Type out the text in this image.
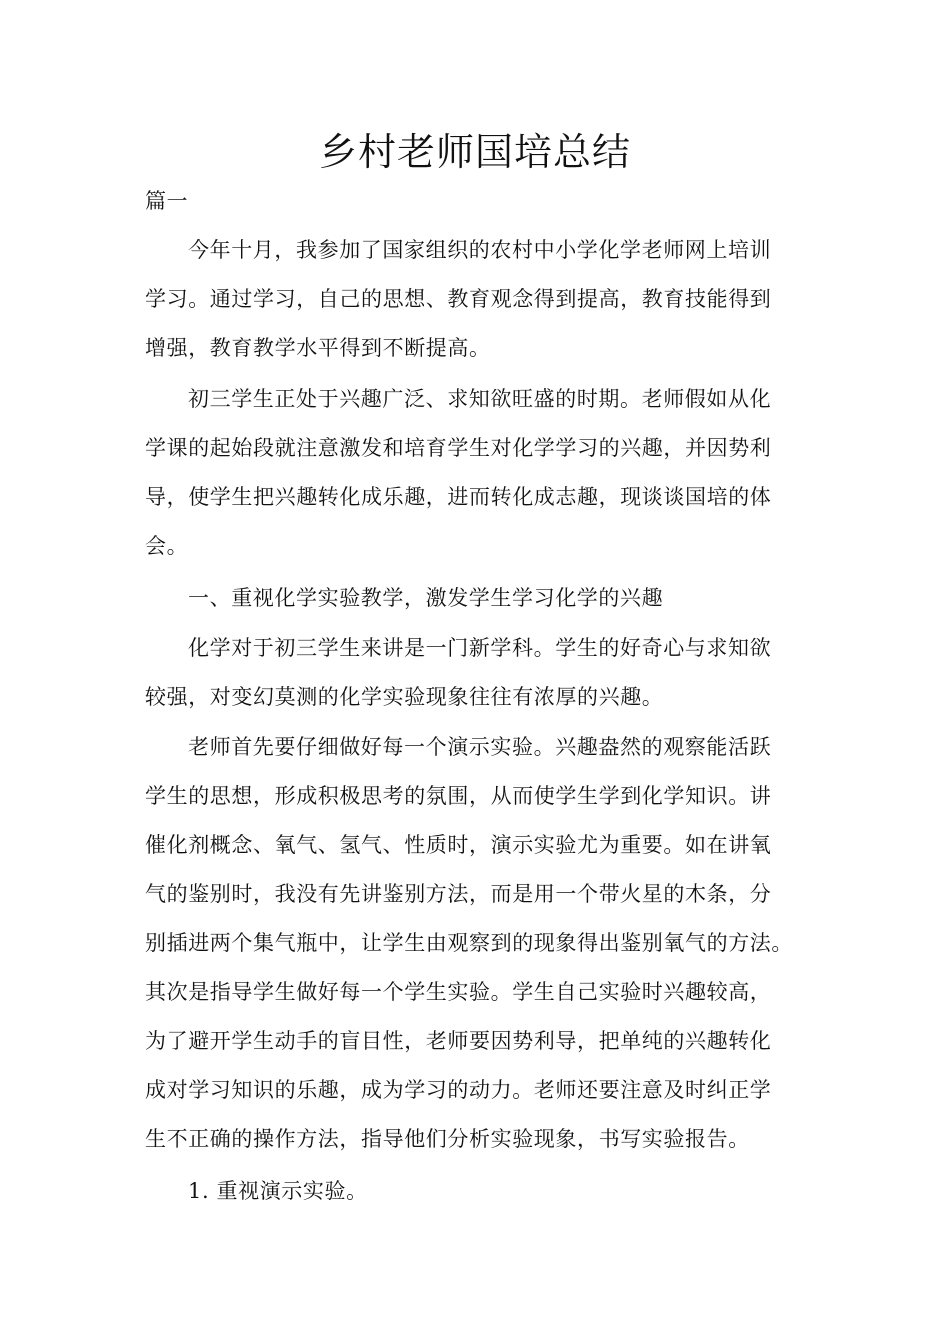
乡村老师国培总结
篇一
今年十月，我参加了国家组织的农村中小学化学老师网上培训
学习。通过学习，自己的思想、教育观念得到提高，教育技能得到
增强，教育教学水平得到不断提高。
初三学生正处于兴趣广泛、求知欲旺盛的时期。老师假如从化
学课的起始段就注意激发和培育学生对化学学习的兴趣，并因势利
导，使学生把兴趣转化成乐趣，进而转化成志趣，现谈谈国培的体
会。
一、重视化学实验教学，激发学生学习化学的兴趣
化学对于初三学生来讲是一门新学科。学生的好奇心与求知欲
较强，对变幻莫测的化学实验现象往往有浓厚的兴趣。
老师首先要仔细做好每一个演示实验。兴趣盎然的观察能活跃
学生的思想，形成积极思考的氛围，从而使学生学到化学知识。讲
催化剂概念、氧气、氢气、性质时，演示实验尤为重要。如在讲氧
气的鉴别时，我没有先讲鉴别方法，而是用一个带火星的木条，分
别插进两个集气瓶中，让学生由观察到的现象得出鉴别氧气的方法。
其次是指导学生做好每一个学生实验。学生自己实验时兴趣较高，
为了避开学生动手的盲目性，老师要因势利导，把单纯的兴趣转化
成对学习知识的乐趣，成为学习的动力。老师还要注意及时纠正学
生不正确的操作方法，指导他们分析实验现象，书写实验报告。
1. 重视演示实验。
